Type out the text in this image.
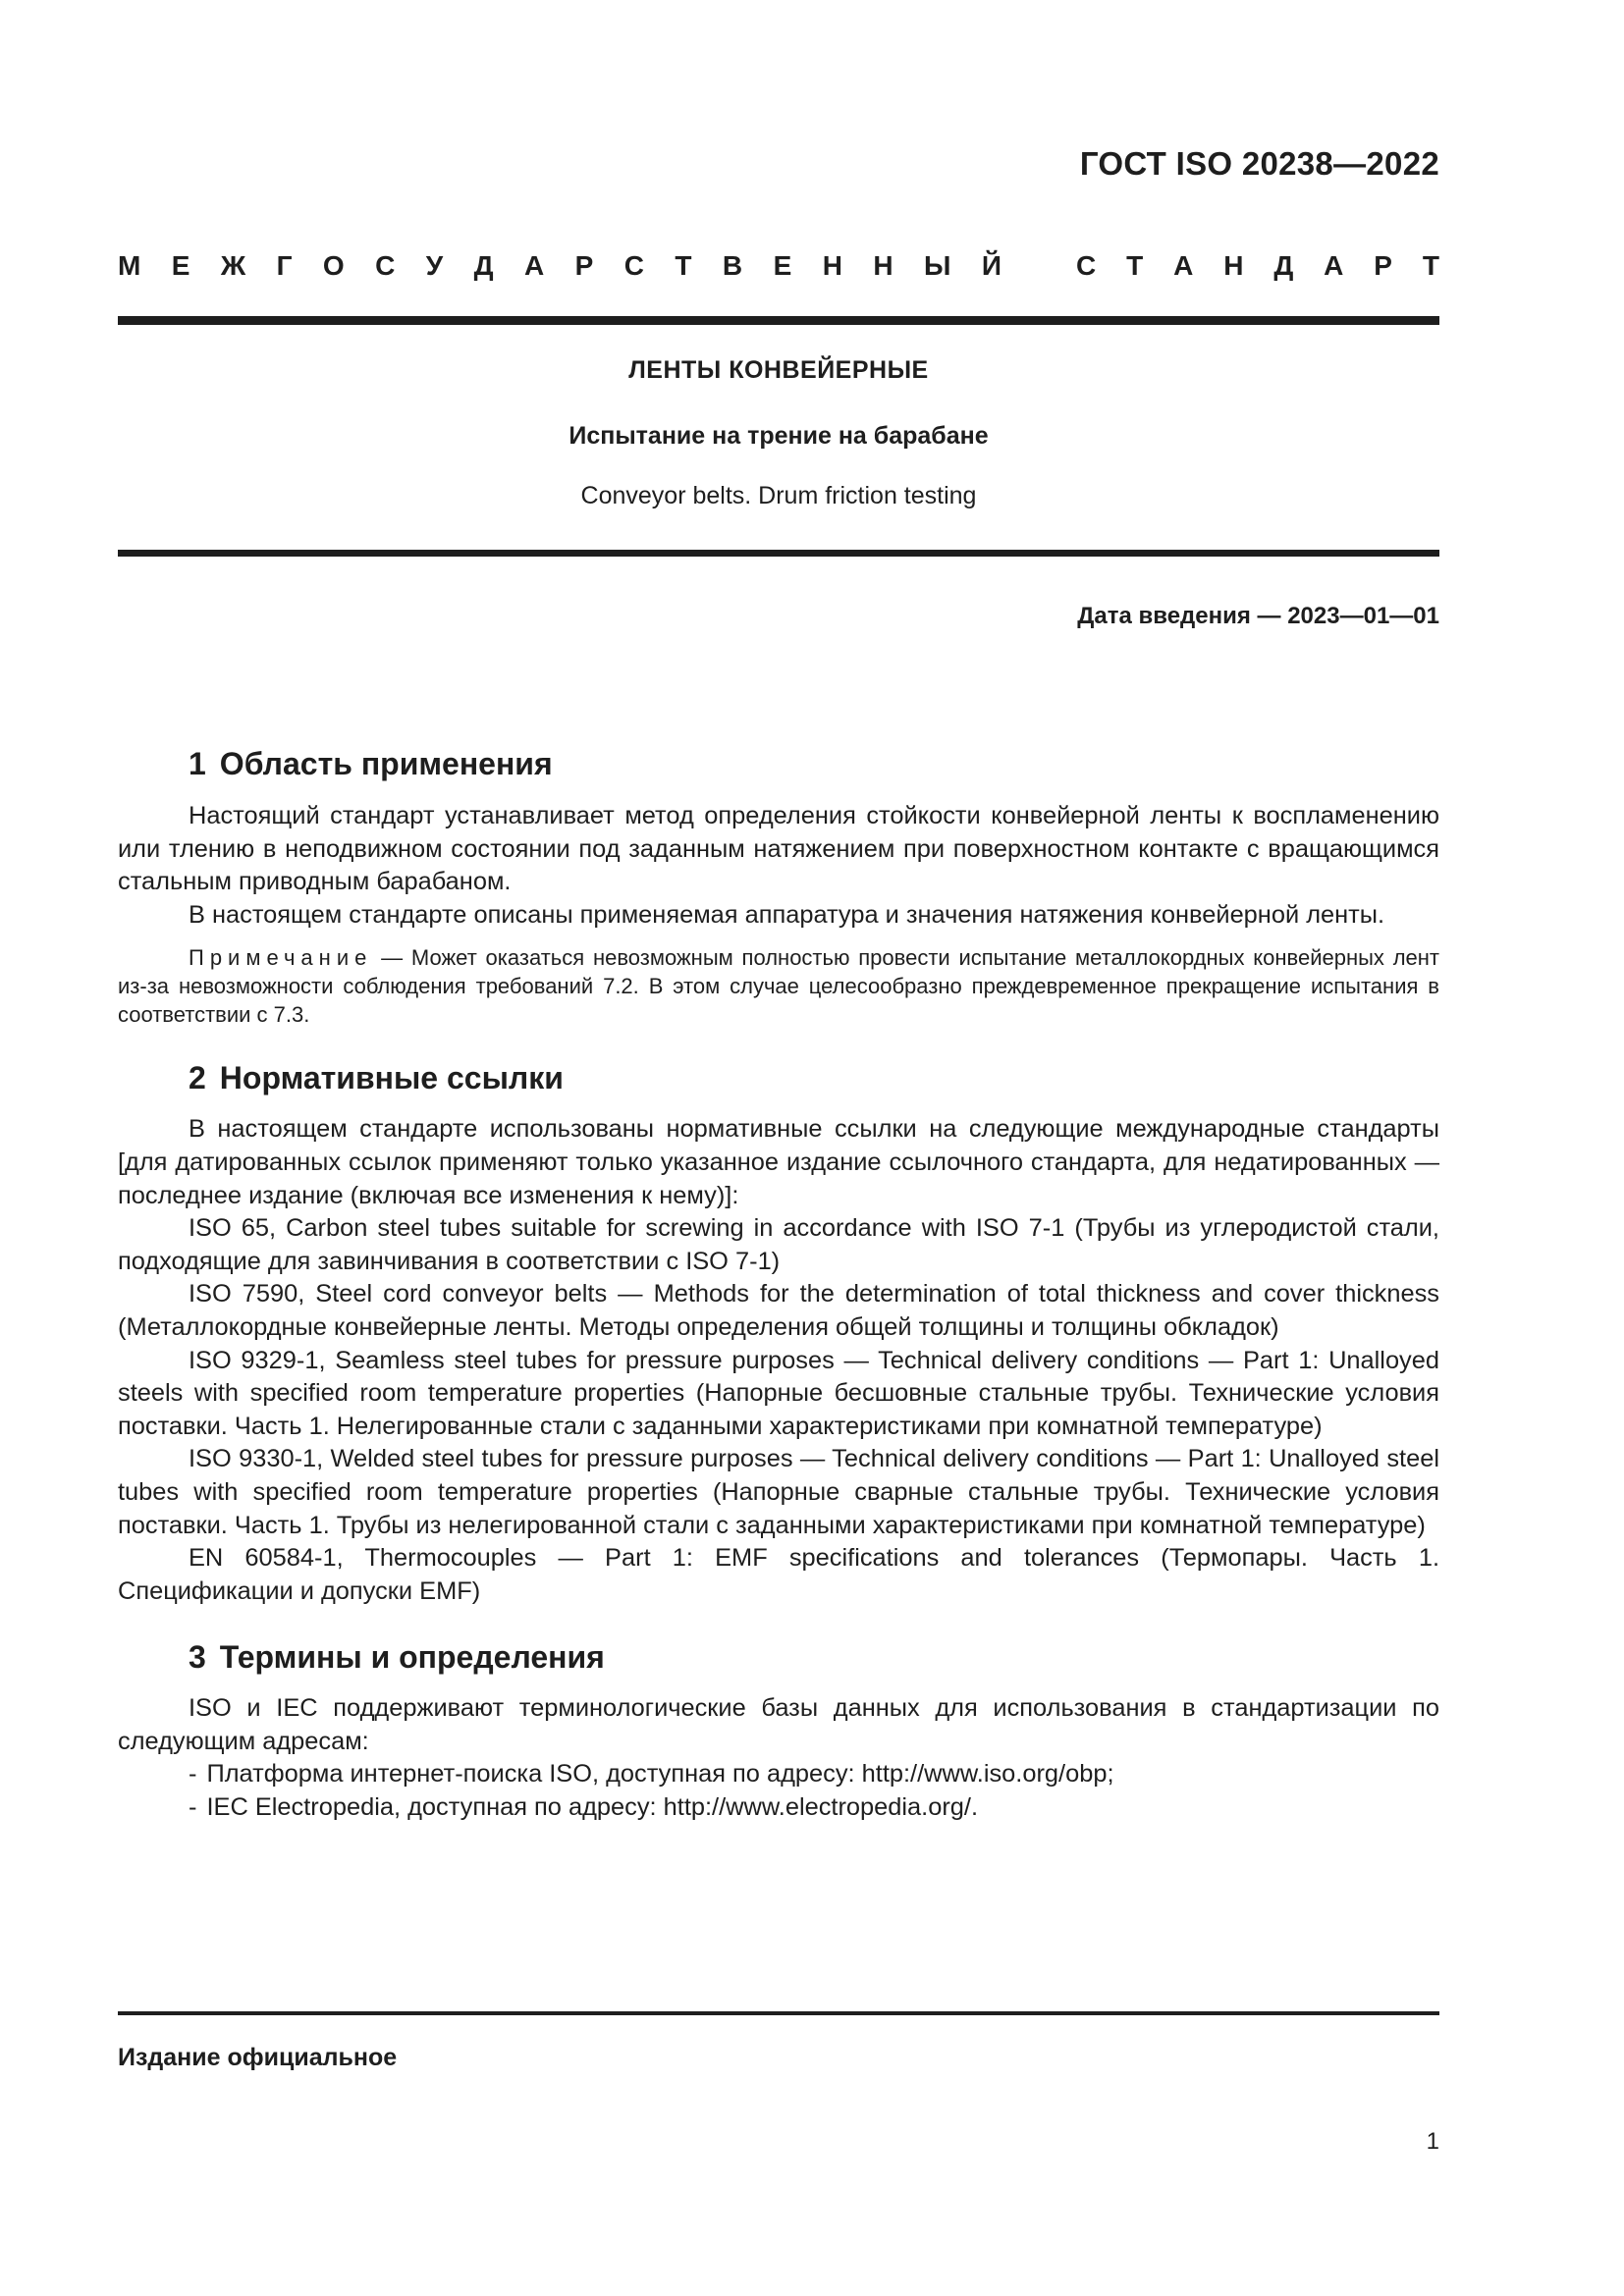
ГОСТ ISO 20238—2022
М Е Ж Г О С У Д А Р С Т В Е Н Н Ы Й	С Т А Н Д А Р Т
ЛЕНТЫ КОНВЕЙЕРНЫЕ
Испытание на трение на барабане
Conveyor belts. Drum friction testing
Дата введения — 2023—01—01
1 Область применения

Настоящий стандарт устанавливает метод определения стойкости конвейерной ленты к воспламенению или тлению в неподвижном состоянии под заданным натяжением при поверхностном контакте с вращающимся стальным приводным барабаном.

В настоящем стандарте описаны применяемая аппаратура и значения натяжения конвейерной ленты.

Примечание — Может оказаться невозможным полностью провести испытание металлокордных конвейерных лент из-за невозможности соблюдения требований 7.2. В этом случае целесообразно преждевременное прекращение испытания в соответствии с 7.3.

2 Нормативные ссылки

В настоящем стандарте использованы нормативные ссылки на следующие международные стандарты [для датированных ссылок применяют только указанное издание ссылочного стандарта, для недатированных — последнее издание (включая все изменения к нему)]:

ISO 65, Carbon steel tubes suitable for screwing in accordance with ISO 7-1 (Трубы из углеродистой стали, подходящие для завинчивания в соответствии с ISO 7-1)

ISO 7590, Steel cord conveyor belts — Methods for the determination of total thickness and cover thickness (Металлокордные конвейерные ленты. Методы определения общей толщины и толщины обкладок)

ISO 9329-1, Seamless steel tubes for pressure purposes — Technical delivery conditions — Part 1: Unalloyed steels with specified room temperature properties (Напорные бесшовные стальные трубы. Технические условия поставки. Часть 1. Нелегированные стали с заданными характеристиками при комнатной температуре)

ISO 9330-1, Welded steel tubes for pressure purposes — Technical delivery conditions — Part 1: Unalloyed steel tubes with specified room temperature properties (Напорные сварные стальные трубы. Технические условия поставки. Часть 1. Трубы из нелегированной стали с заданными характеристиками при комнатной температуре)

EN 60584-1, Thermocouples — Part 1: EMF specifications and tolerances (Термопары. Часть 1. Спецификации и допуски EMF)

3 Термины и определения

ISO и IEC поддерживают терминологические базы данных для использования в стандартизации по следующим адресам:

- Платформа интернет-поиска ISO, доступная по адресу: http://www.iso.org/obp;
- IEC Electropedia, доступная по адресу: http://www.electropedia.org/.
Издание официальное
1
